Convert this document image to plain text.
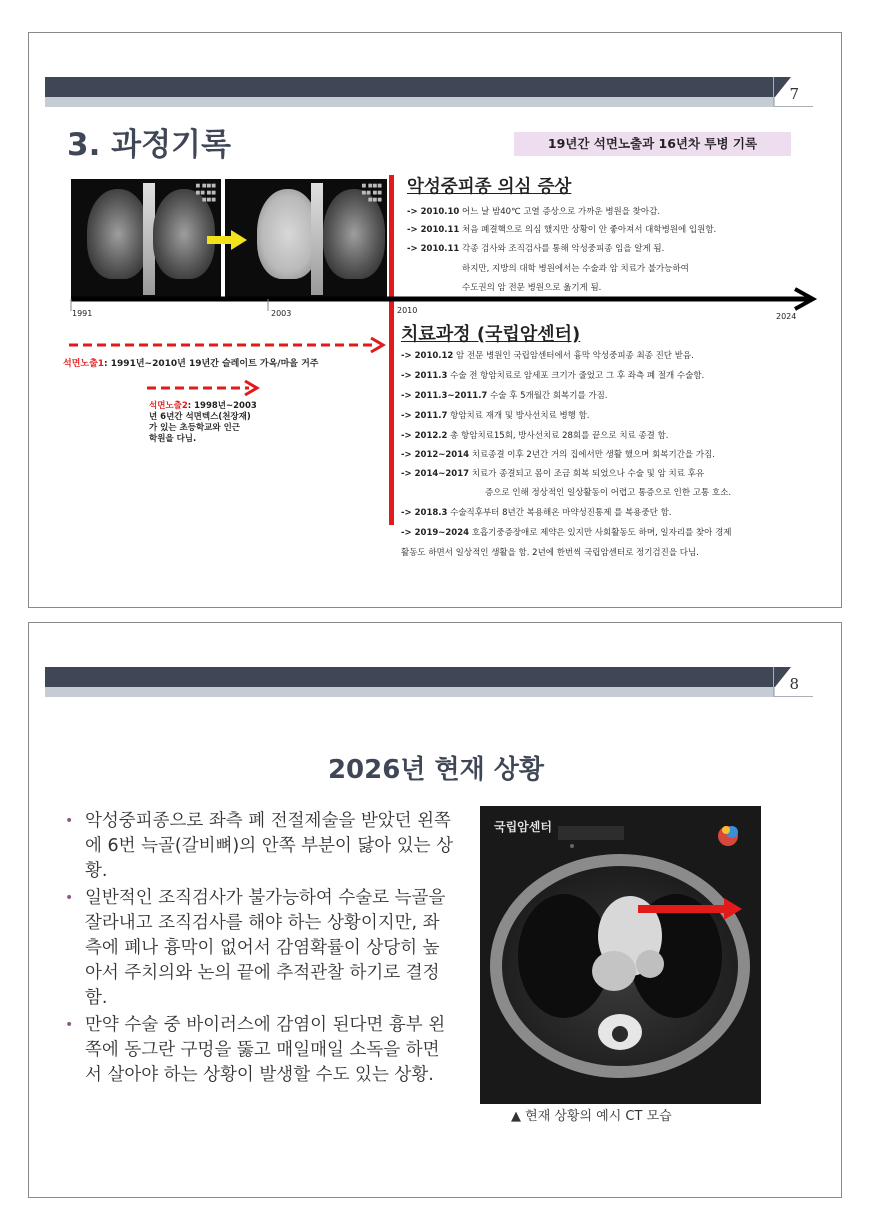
7
3. 과정기록	19년간 석면노출과 16년차 투병 기록
■ ■■■
■■ ■■
■■■
■ ■■■
■■ ■■
■■■
악성중피종 의심 증상
-> 2010.10 어느 날 밤40℃ 고열 증상으로 가까운 병원을 찾아감.
-> 2010.11 처음 폐결핵으로 의심 했지만 상황이 안 좋아져서 대학병원에 입원함.
-> 2010.11 각종 검사와 조직검사를 통해 악성중피종 임을 알게 됨.
하지만, 지방의 대학 병원에서는 수술과 암 치료가 불가능하여
수도권의 암 전문 병원으로 옮기게 됨.
1991	2003	2010
2024
석면노출1: 1991년~2010년 19년간 슬레이트 가옥/마을 거주
석면노출2: 1998년~2003
년 6년간 석면텍스(천장재)
가 있는 초등학교와 인근
학원을 다님.
치료과정 (국립암센터)
-> 2010.12 암 전문 병원인 국립암센터에서 흉막 악성중피종 최종 진단 받음.
-> 2011.3 수술 전 항암치료로 암세포 크기가 줄었고 그 후 좌측 폐 절개 수술함.
-> 2011.3~2011.7 수술 후 5개월간 회복기를 가짐.
-> 2011.7 항암치료 재개 및 방사선치료 병행 함.
-> 2012.2 총 항암치료15회, 방사선치료 28회를 끝으로 치료 종결 함.
-> 2012~2014 치료종결 이후 2년간 거의 집에서만 생활 했으며 회복기간을 가짐.
-> 2014~2017 치료가 종결되고 몸이 조금 회복 되었으나 수술 및 암 치료 후유
증으로 인해 정상적인 일상활동이 어렵고 통증으로 인한 고통 호소.
-> 2018.3 수술직후부터 8년간 복용해온 마약성진통제 를 복용중단 함.
-> 2019~2024 호흡기중증장애로 제약은 있지만 사회활동도 하며, 일자리를 찾아 경제
활동도 하면서 일상적인 생활을 함. 2년에 한번씩 국립암센터로 정기검진을 다님.
8
2026년 현재 상황
• 악성중피종으로 좌측 폐 전절제술을 받았던 왼쪽에 6번 늑골(갈비뼈)의 안쪽 부분이 닳아 있는 상황.
• 일반적인 조직검사가 불가능하여 수술로 늑골을 잘라내고 조직검사를 해야 하는 상황이지만, 좌측에 폐나 흉막이 없어서 감염확률이 상당히 높아서 주치의와 논의 끝에 추적관찰 하기로 결정함.
• 만약 수술 중 바이러스에 감염이 된다면 흉부 왼쪽에 동그란 구멍을 뚫고 매일매일 소독을 하면서 살아야 하는 상황이 발생할 수도 있는 상황.
국립암센터
▲ 현재 상황의 예시 CT 모습
